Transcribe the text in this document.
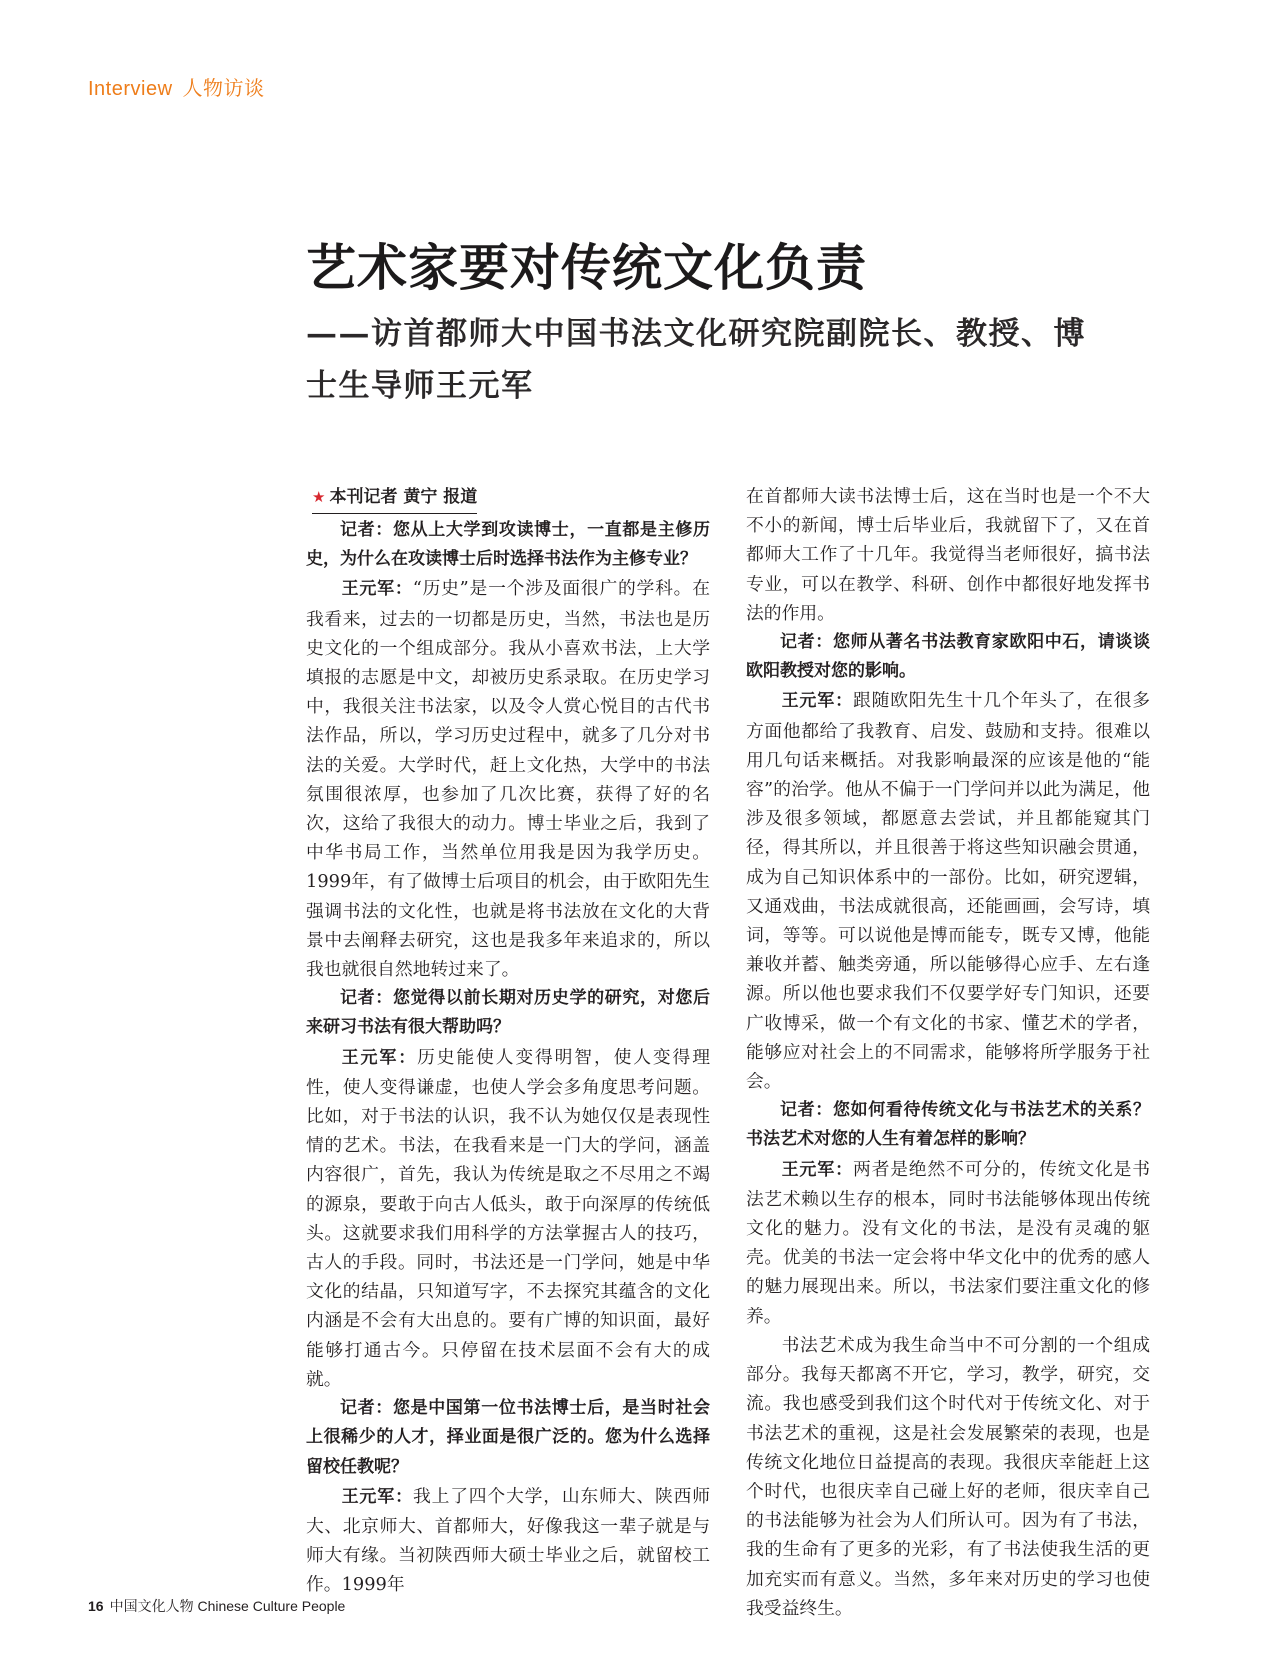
Interview 人物访谈
艺术家要对传统文化负责
——访首都师大中国书法文化研究院副院长、教授、博士生导师王元军
★ 本刊记者 黄宁 报道

记者：您从上大学到攻读博士，一直都是主修历史，为什么在攻读博士后时选择书法作为主修专业？

王元军：“历史”是一个涉及面很广的学科。在我看来，过去的一切都是历史，当然，书法也是历史文化的一个组成部分。我从小喜欢书法，上大学填报的志愿是中文，却被历史系录取。在历史学习中，我很关注书法家，以及令人赏心悦目的古代书法作品，所以，学习历史过程中，就多了几分对书法的关爱。大学时代，赶上文化热，大学中的书法氛围很浓厚，也参加了几次比赛，获得了好的名次，这给了我很大的动力。博士毕业之后，我到了中华书局工作，当然单位用我是因为我学历史。1999年，有了做博士后项目的机会，由于欧阳先生强调书法的文化性，也就是将书法放在文化的大背景中去阐释去研究，这也是我多年来追求的，所以我也就很自然地转过来了。

记者：您觉得以前长期对历史学的研究，对您后来研习书法有很大帮助吗？

王元军：历史能使人变得明智，使人变得理性，使人变得谦虚，也使人学会多角度思考问题。比如，对于书法的认识，我不认为她仅仅是表现性情的艺术。书法，在我看来是一门大的学问，涵盖内容很广，首先，我认为传统是取之不尽用之不竭的源泉，要敢于向古人低头，敢于向深厚的传统低头。这就要求我们用科学的方法掌握古人的技巧，古人的手段。同时，书法还是一门学问，她是中华文化的结晶，只知道写字，不去探究其蕴含的文化内涵是不会有大出息的。要有广博的知识面，最好能够打通古今。只停留在技术层面不会有大的成就。

记者：您是中国第一位书法博士后，是当时社会上很稀少的人才，择业面是很广泛的。您为什么选择留校任教呢？

王元军：我上了四个大学，山东师大、陕西师大、北京师大、首都师大，好像我这一辈子就是与师大有缘。当初陕西师大硕士毕业之后，就留校工作。1999年

在首都师大读书法博士后，这在当时也是一个不大不小的新闻，博士后毕业后，我就留下了，又在首都师大工作了十几年。我觉得当老师很好，搞书法专业，可以在教学、科研、创作中都很好地发挥书法的作用。

记者：您师从著名书法教育家欧阳中石，请谈谈欧阳教授对您的影响。

王元军：跟随欧阳先生十几个年头了，在很多方面他都给了我教育、启发、鼓励和支持。很难以用几句话来概括。对我影响最深的应该是他的“能容”的治学。他从不偏于一门学问并以此为满足，他涉及很多领域，都愿意去尝试，并且都能窥其门径，得其所以，并且很善于将这些知识融会贯通，成为自己知识体系中的一部份。比如，研究逻辑，又通戏曲，书法成就很高，还能画画，会写诗，填词，等等。可以说他是博而能专，既专又博，他能兼收并蓄、触类旁通，所以能够得心应手、左右逢源。所以他也要求我们不仅要学好专门知识，还要广收博采，做一个有文化的书家、懂艺术的学者，能够应对社会上的不同需求，能够将所学服务于社会。

记者：您如何看待传统文化与书法艺术的关系？书法艺术对您的人生有着怎样的影响？

王元军：两者是绝然不可分的，传统文化是书法艺术赖以生存的根本，同时书法能够体现出传统文化的魅力。没有文化的书法，是没有灵魂的躯壳。优美的书法一定会将中华文化中的优秀的感人的魅力展现出来。所以，书法家们要注重文化的修养。

书法艺术成为我生命当中不可分割的一个组成部分。我每天都离不开它，学习，教学，研究，交流。我也感受到我们这个时代对于传统文化、对于书法艺术的重视，这是社会发展繁荣的表现，也是传统文化地位日益提高的表现。我很庆幸能赶上这个时代，也很庆幸自己碰上好的老师，很庆幸自己的书法能够为社会为人们所认可。因为有了书法，我的生命有了更多的光彩，有了书法使我生活的更加充实而有意义。当然，多年来对历史的学习也使我受益终生。

16 中国文化人物 Chinese Culture People
